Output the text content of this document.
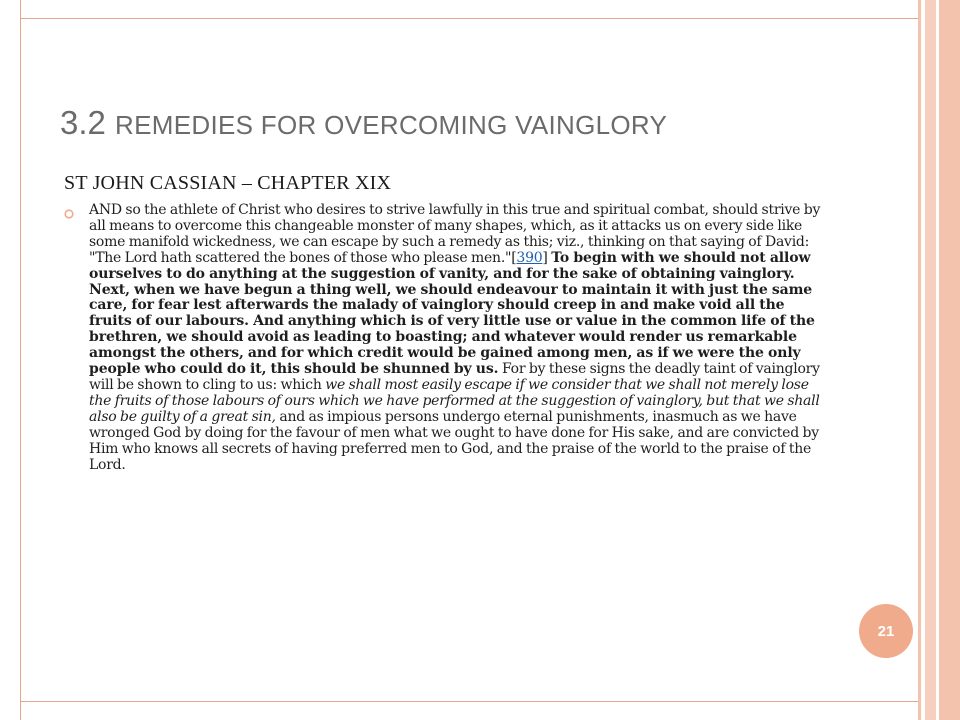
3.2 REMEDIES FOR OVERCOMING VAINGLORY
ST JOHN CASSIAN – CHAPTER XIX
AND so the athlete of Christ who desires to strive lawfully in this true and spiritual combat, should strive by all means to overcome this changeable monster of many shapes, which, as it attacks us on every side like some manifold wickedness, we can escape by such a remedy as this; viz., thinking on that saying of David: "The Lord hath scattered the bones of those who please men."[390] To begin with we should not allow ourselves to do anything at the suggestion of vanity, and for the sake of obtaining vainglory. Next, when we have begun a thing well, we should endeavour to maintain it with just the same care, for fear lest afterwards the malady of vainglory should creep in and make void all the fruits of our labours. And anything which is of very little use or value in the common life of the brethren, we should avoid as leading to boasting; and whatever would render us remarkable amongst the others, and for which credit would be gained among men, as if we were the only people who could do it, this should be shunned by us. For by these signs the deadly taint of vainglory will be shown to cling to us: which we shall most easily escape if we consider that we shall not merely lose the fruits of those labours of ours which we have performed at the suggestion of vainglory, but that we shall also be guilty of a great sin, and as impious persons undergo eternal punishments, inasmuch as we have wronged God by doing for the favour of men what we ought to have done for His sake, and are convicted by Him who knows all secrets of having preferred men to God, and the praise of the world to the praise of the Lord.
21
